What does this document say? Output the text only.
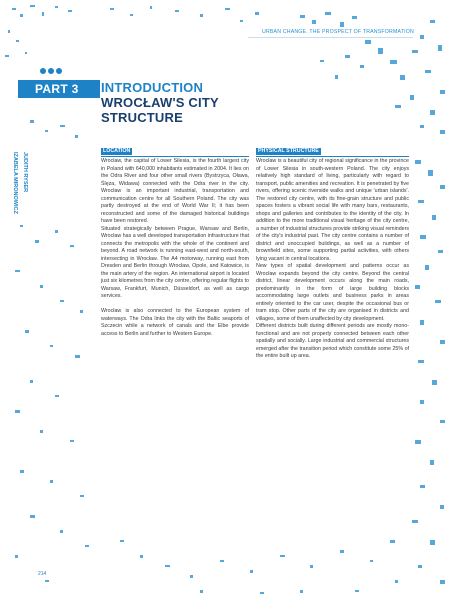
URBAN CHANGE. THE PROSPECT OF TRANSFORMATION
PART 3	INTRODUCTION
WROCŁAW'S CITY
STRUCTURE
IZABELA MIRONOWICZ JUDITH RYSER
LOCATION

Wrocław, the capital of Lower Silesia, is the fourth largest city in Poland with 640,000 inhabitants estimated in 2004. It lies on the Odra River and four other small rivers (Bystrzyca, Oława, Ślęza, Widawa) connected with the Odra river in the city. Wrocław is an important industrial, transportation and communication centre for all Southern Poland. The city was partly destroyed at the end of World War II; it has been reconstructed and some of the damaged historical buildings have been restored.

Situated strategically between Prague, Warsaw and Berlin, Wrocław has a well developed transportation infrastructure that connects the metropolis with the whole of the continent and beyond. A road network is running east-west and north-south, intersecting in Wrocław. The A4 motorway, running east from Dresden and Berlin through Wrocław, Opole, and Katowice, is the main artery of the region. An international airport is located just six kilometres from the city centre, offering regular flights to Warsaw, Frankfurt, Munich, Düsseldorf, as well as cargo services.

Wrocław is also connected to the European system of waterways. The Odra links the city with the Baltic seaports of Szczecin while a network of canals and the Elbe provide access to Berlin and further to Western Europe.

PHYSICAL STRUCTURE

Wrocław is a beautiful city of regional significance in the province of Lower Silesia in south-western Poland. The city enjoys relatively high standard of living, particularly with regard to transport, public amenities and recreation. It is penetrated by five rivers, offering scenic riverside walks and unique 'urban islands'. The restored city centre, with its fine-grain structure and public spaces fosters a vibrant social life with many bars, restaurants, shops and galleries and contributes to the identity of the city. In addition to the more traditional visual heritage of the city centre, a number of industrial structures provide striking visual reminders of the city's industrial past. The city centre contains a number of district and unoccupied buildings, as well as a number of brownfield sites, some supporting partial activities, with others lying vacant in central locations.

New types of spatial development and patterns occur as Wrocław expands beyond the city centre. Beyond the central district, linear development occurs along the main roads, predominantly in the form of large building blocks accommodating large outlets and business parks in areas entirely oriented to the car user, despite the occasional bus or tram stop. Other parts of the city are organised in districts and villages, some of them unaffected by city development.

Different districts built during different periods are mostly mono-functional and are not properly connected between each other spatially and socially. Large industrial and commercial structures emerged after the transition period which constitute some 25% of the entire built up area.

214
